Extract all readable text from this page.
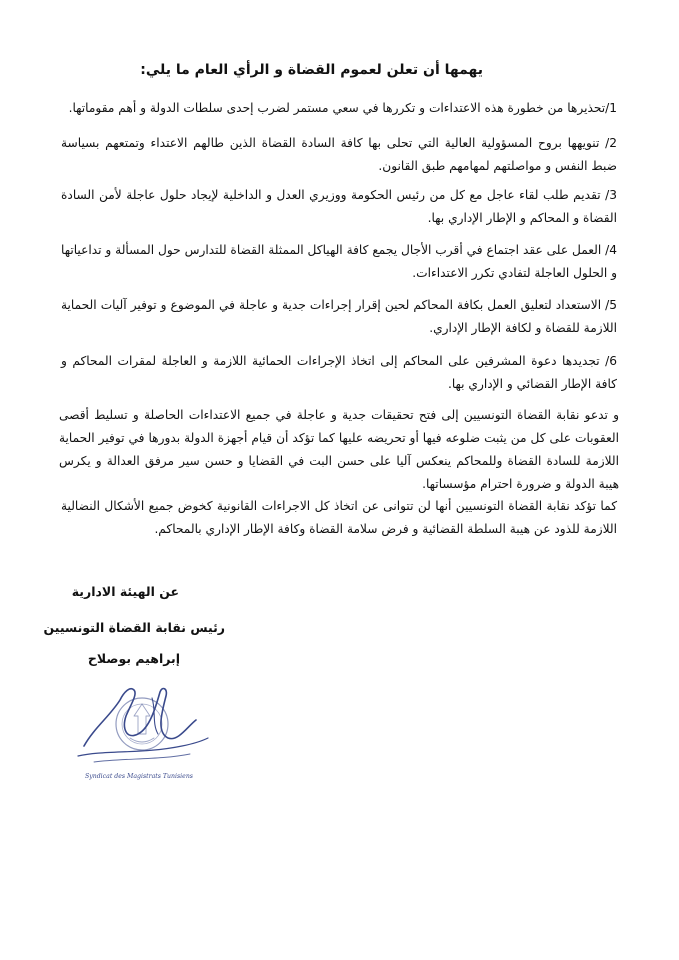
يهمها أن تعلن لعموم القضاة و الرأي العام ما يلي:
1/تحذيرها من خطورة هذه الاعتداءات و تكررها في سعي مستمر لضرب إحدى سلطات الدولة و أهم مقوماتها.
2/ تنويهها بروح المسؤولية العالية التي تحلى بها كافة السادة القضاة الذين طالهم الاعتداء وتمتعهم بسياسة ضبط النفس و مواصلتهم لمهامهم طبق القانون.
3/ تقديم طلب لقاء عاجل مع كل من رئيس الحكومة ووزيري العدل و الداخلية لإيجاد حلول عاجلة لأمن السادة القضاة و المحاكم و الإطار الإداري بها.
4/ العمل على عقد اجتماع في أقرب الأجال يجمع كافة الهياكل الممثلة القضاة للتدارس حول المسألة و تداعياتها و الحلول العاجلة لتفادي تكرر الاعتداءات.
5/ الاستعداد لتعليق العمل بكافة المحاكم لحين إقرار إجراءات جدية و عاجلة في الموضوع و توفير آليات الحماية اللازمة للقضاة و لكافة الإطار الإداري.
6/ تجديدها دعوة المشرفين على المحاكم إلى اتخاذ الإجراءات الحمائية اللازمة و العاجلة لمقرات المحاكم و كافة الإطار القضائي و الإداري بها.
و تدعو نقابة القضاة التونسيين إلى فتح تحقيقات جدية و عاجلة في جميع الاعتداءات الحاصلة و تسليط أقصى العقوبات على كل من يثبت ضلوعه فيها أو تحريضه عليها كما تؤكد أن قيام أجهزة الدولة بدورها في توفير الحماية اللازمة للسادة القضاة وللمحاكم ينعكس آليا على حسن البت في القضايا و حسن سير مرفق العدالة و يكرس هيبة الدولة و ضرورة احترام مؤسساتها.
كما تؤكد نقابة القضاة التونسيين أنها لن تتوانى عن اتخاذ كل الاجراءات القانونية كخوض جميع الأشكال النضالية اللازمة للذود عن هيبة السلطة القضائية و فرض سلامة القضاة وكافة الإطار الإداري بالمحاكم.
عن الهيئة الادارية
رئيس نقابة القضاة التونسيين
إبراهيم بوصلاح
Syndicat des Magistrats Tunisiens
